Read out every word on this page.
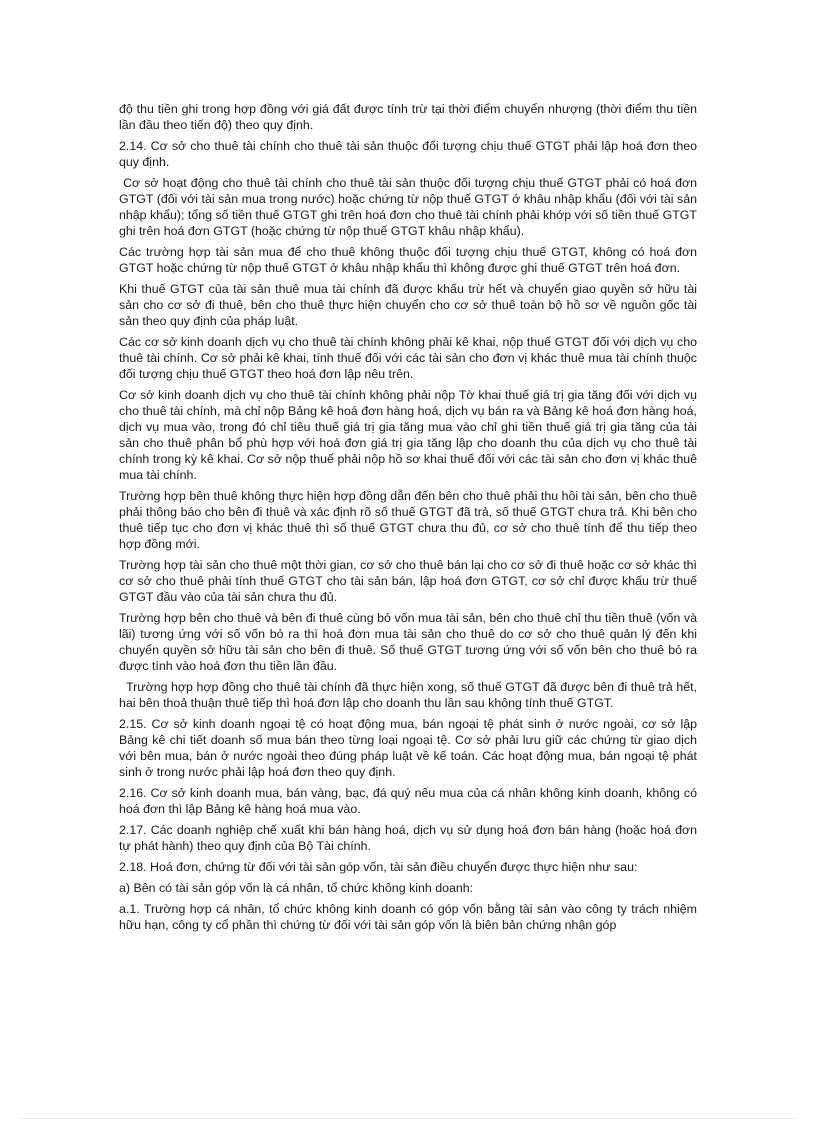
độ thu tiền ghi trong hợp đồng với giá đất được tính trừ tại thời điểm chuyển nhượng (thời điểm thu tiền lần đầu theo tiến độ) theo quy định.

2.14. Cơ sở cho thuê tài chính cho thuê tài sản thuộc đối tượng chịu thuế GTGT phải lập hoá đơn theo quy định.

Cơ sở hoạt động cho thuê tài chính cho thuê tài sản thuộc đối tượng chịu thuế GTGT phải có hoá đơn GTGT (đối với tài sản mua trong nước) hoặc chứng từ nộp thuế GTGT ở khâu nhập khẩu (đối với tài sản nhập khẩu); tổng số tiền thuế GTGT ghi trên hoá đơn cho thuê tài chính phải khớp với số tiền thuế GTGT ghi trên hoá đơn GTGT (hoặc chứng từ nộp thuế GTGT khâu nhập khẩu).

Các trường hợp tài sản mua để cho thuê không thuộc đối tượng chịu thuế GTGT, không có hoá đơn GTGT hoặc chứng từ nộp thuế GTGT ở khâu nhập khẩu thì không được ghi thuế GTGT trên hoá đơn.

Khi thuế GTGT của tài sản thuê mua tài chính đã được khấu trừ hết và chuyển giao quyền sở hữu tài sản cho cơ sở đi thuê, bên cho thuê thực hiện chuyển cho cơ sở thuê toàn bộ hồ sơ về nguồn gốc tài sản theo quy định của pháp luật.

Các cơ sở kinh doanh dịch vụ cho thuê tài chính không phải kê khai, nộp thuế GTGT đối với dịch vụ cho thuê tài chính. Cơ sở phải kê khai, tính thuế đối với các tài sản cho đơn vị khác thuê mua tài chính thuộc đối tượng chịu thuế GTGT theo hoá đơn lập nêu trên.

Cơ sở kinh doanh dịch vụ cho thuê tài chính không phải nộp Tờ khai thuế giá trị gia tăng đối với dịch vụ cho thuê tài chính, mà chỉ nộp Bảng kê hoá đơn hàng hoá, dịch vụ bán ra và Bảng kê hoá đơn hàng hoá, dịch vụ mua vào, trong đó chỉ tiêu thuế giá trị gia tăng mua vào chỉ ghi tiền thuế giá trị gia tăng của tài sản cho thuê phân bổ phù hợp với hoá đơn giá trị gia tăng lập cho doanh thu của dịch vụ cho thuê tài chính trong kỳ kê khai. Cơ sở nộp thuế phải nộp hồ sơ khai thuế đối với các tài sản cho đơn vị khác thuê mua tài chính.

Trường hợp bên thuê không thực hiện hợp đồng dẫn đến bên cho thuê phải thu hồi tài sản, bên cho thuê phải thông báo cho bên đi thuê và xác định rõ số thuế GTGT đã trả, số thuế GTGT chưa trả. Khi bên cho thuê tiếp tục cho đơn vị khác thuê thì số thuế GTGT chưa thu đủ, cơ sở cho thuê tính để thu tiếp theo hợp đồng mới.

Trường hợp tài sản cho thuê một thời gian, cơ sở cho thuê bán lại cho cơ sở đi thuê hoặc cơ sở khác thì cơ sở cho thuê phải tính thuế GTGT cho tài sản bán, lập hoá đơn GTGT, cơ sở chỉ được khấu trừ thuế GTGT đầu vào của tài sản chưa thu đủ.

Trường hợp bên cho thuê và bên đi thuê cùng bỏ vốn mua tài sản, bên cho thuê chỉ thu tiền thuê (vốn và lãi) tương ứng với số vốn bỏ ra thì hoá đơn mua tài sản cho thuê do cơ sở cho thuê quản lý đến khi chuyển quyền sở hữu tài sản cho bên đi thuê. Số thuế GTGT tương ứng với số vốn bên cho thuê bỏ ra được tính vào hoá đơn thu tiền lần đầu.

Trường hợp hợp đồng cho thuê tài chính đã thực hiện xong, số thuế GTGT đã được bên đi thuê trả hết, hai bên thoả thuận thuê tiếp thì hoá đơn lập cho doanh thu lần sau không tính thuế GTGT.

2.15. Cơ sở kinh doanh ngoại tệ có hoạt động mua, bán ngoại tệ phát sinh ở nước ngoài, cơ sở lập Bảng kê chi tiết doanh số mua bán theo từng loại ngoại tệ. Cơ sở phải lưu giữ các chứng từ giao dịch với bên mua, bán ở nước ngoài theo đúng pháp luật về kế toán. Các hoạt động mua, bán ngoại tệ phát sinh ở trong nước phải lập hoá đơn theo quy định.

2.16. Cơ sở kinh doanh mua, bán vàng, bạc, đá quý nếu mua của cá nhân không kinh doanh, không có hoá đơn thì lập Bảng kê hàng hoá mua vào.

2.17. Các doanh nghiệp chế xuất khi bán hàng hoá, dịch vụ sử dụng hoá đơn bán hàng (hoặc hoá đơn tự phát hành) theo quy định của Bộ Tài chính.

2.18. Hoá đơn, chứng từ đối với tài sản góp vốn, tài sản điều chuyển được thực hiện như sau:

a) Bên có tài sản góp vốn là cá nhân, tổ chức không kinh doanh:

a.1. Trường hợp cá nhân, tổ chức không kinh doanh có góp vốn bằng tài sản vào công ty trách nhiệm hữu hạn, công ty cổ phần thì chứng từ đối với tài sản góp vốn là biên bản chứng nhận góp
